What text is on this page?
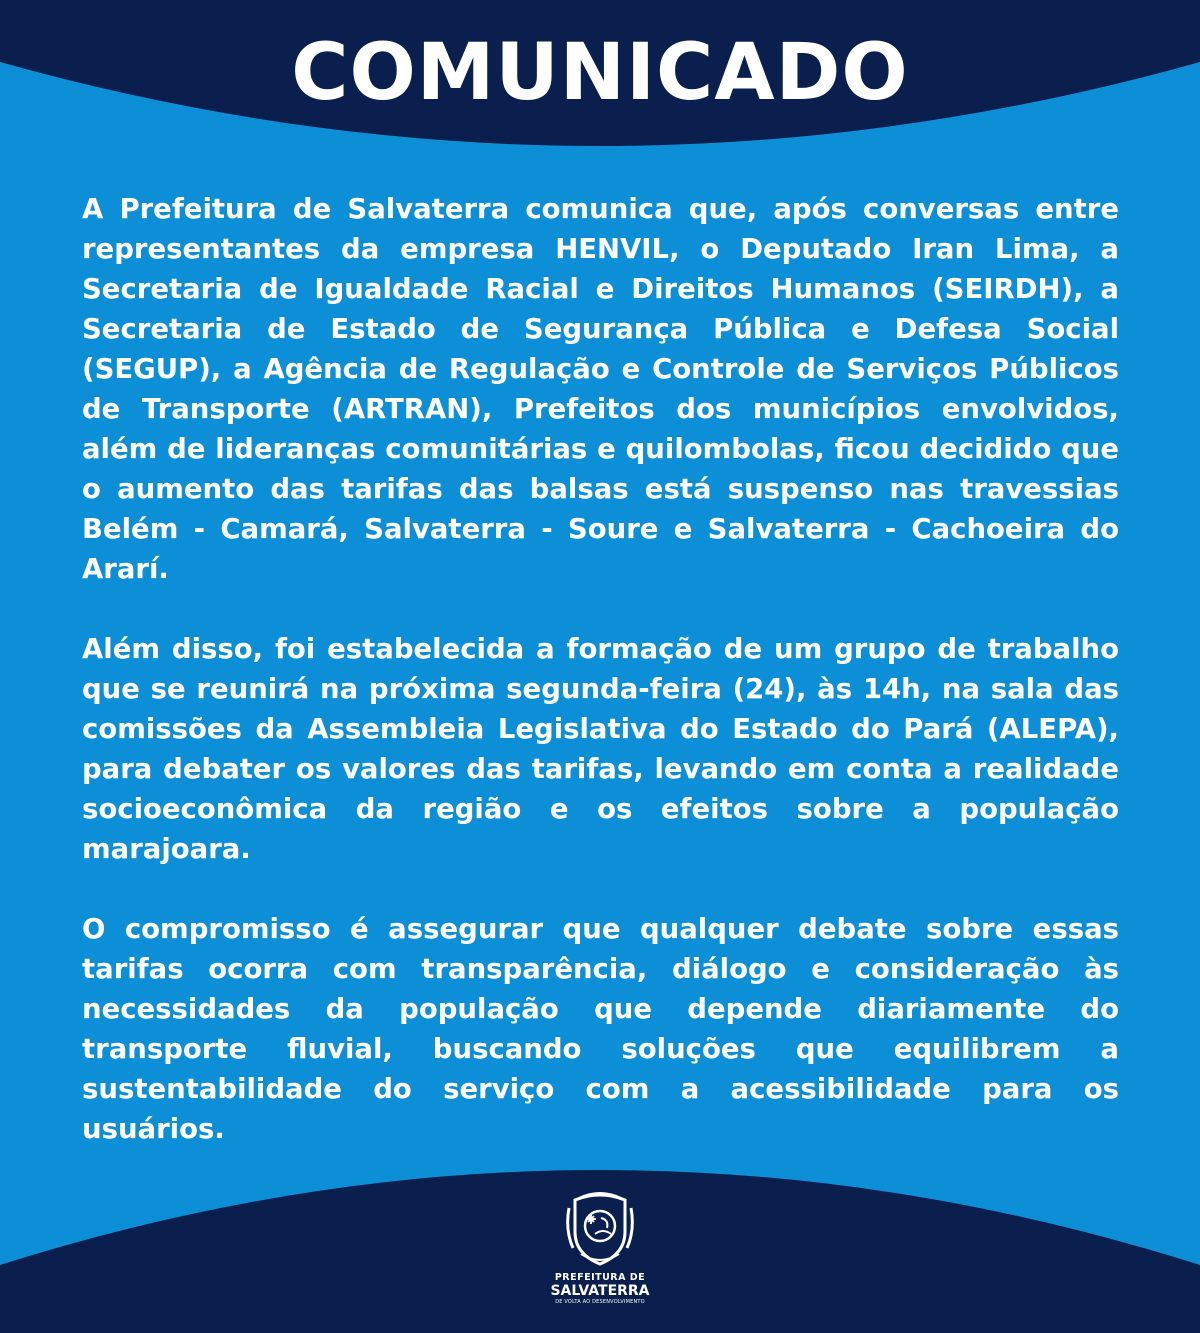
COMUNICADO

A Prefeitura de Salvaterra comunica que, após conversas entre representantes da empresa HENVIL, o Deputado Iran Lima, a Secretaria de Igualdade Racial e Direitos Humanos (SEIRDH), a Secretaria de Estado de Segurança Pública e Defesa Social (SEGUP), a Agência de Regulação e Controle de Serviços Públicos de Transporte (ARTRAN), Prefeitos dos municípios envolvidos, além de lideranças comunitárias e quilombolas, ficou decidido que o aumento das tarifas das balsas está suspenso nas travessias Belém - Camará, Salvaterra - Soure e Salvaterra - Cachoeira do Ararí.

Além disso, foi estabelecida a formação de um grupo de trabalho que se reunirá na próxima segunda-feira (24), às 14h, na sala das comissões da Assembleia Legislativa do Estado do Pará (ALEPA), para debater os valores das tarifas, levando em conta a realidade socioeconômica da região e os efeitos sobre a população marajoara.

O compromisso é assegurar que qualquer debate sobre essas tarifas ocorra com transparência, diálogo e consideração às necessidades da população que depende diariamente do transporte fluvial, buscando soluções que equilibrem a sustentabilidade do serviço com a acessibilidade para os usuários.

PREFEITURA DE
SALVATERRA
DE VOLTA AO DESENVOLVIMENTO
